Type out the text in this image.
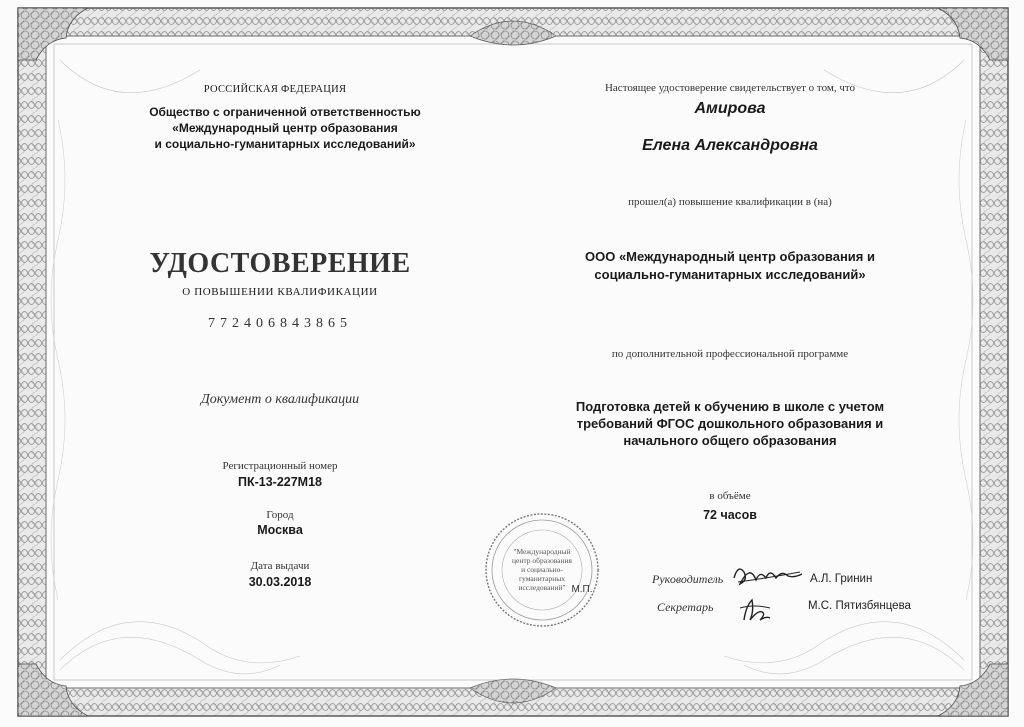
РОССИЙСКАЯ ФЕДЕРАЦИЯ
Общество с ограниченной ответственностью
«Международный центр образования
и социально-гуманитарных исследований»
УДОСТОВЕРЕНИЕ
О ПОВЫШЕНИИ КВАЛИФИКАЦИИ
772406843865
Документ о квалификации
Регистрационный номер
ПК-13-227М18
Город
Москва
Дата выдачи
30.03.2018
Настоящее удостоверение свидетельствует о том, что
Амирова
Елена Александровна
прошел(а) повышение квалификации в (на)
ООО «Международный центр образования и
социально-гуманитарных исследований»
по дополнительной профессиональной программе
Подготовка детей к обучению в школе с учетом
требований ФГОС дошкольного образования и
начального общего образования
в объёме
72 часов
"Международный
центр образования
и социально-
гуманитарных
исследований" М.П.
Руководитель	А.Л. Гринин
Секретарь	М.С. Пятизбянцева
